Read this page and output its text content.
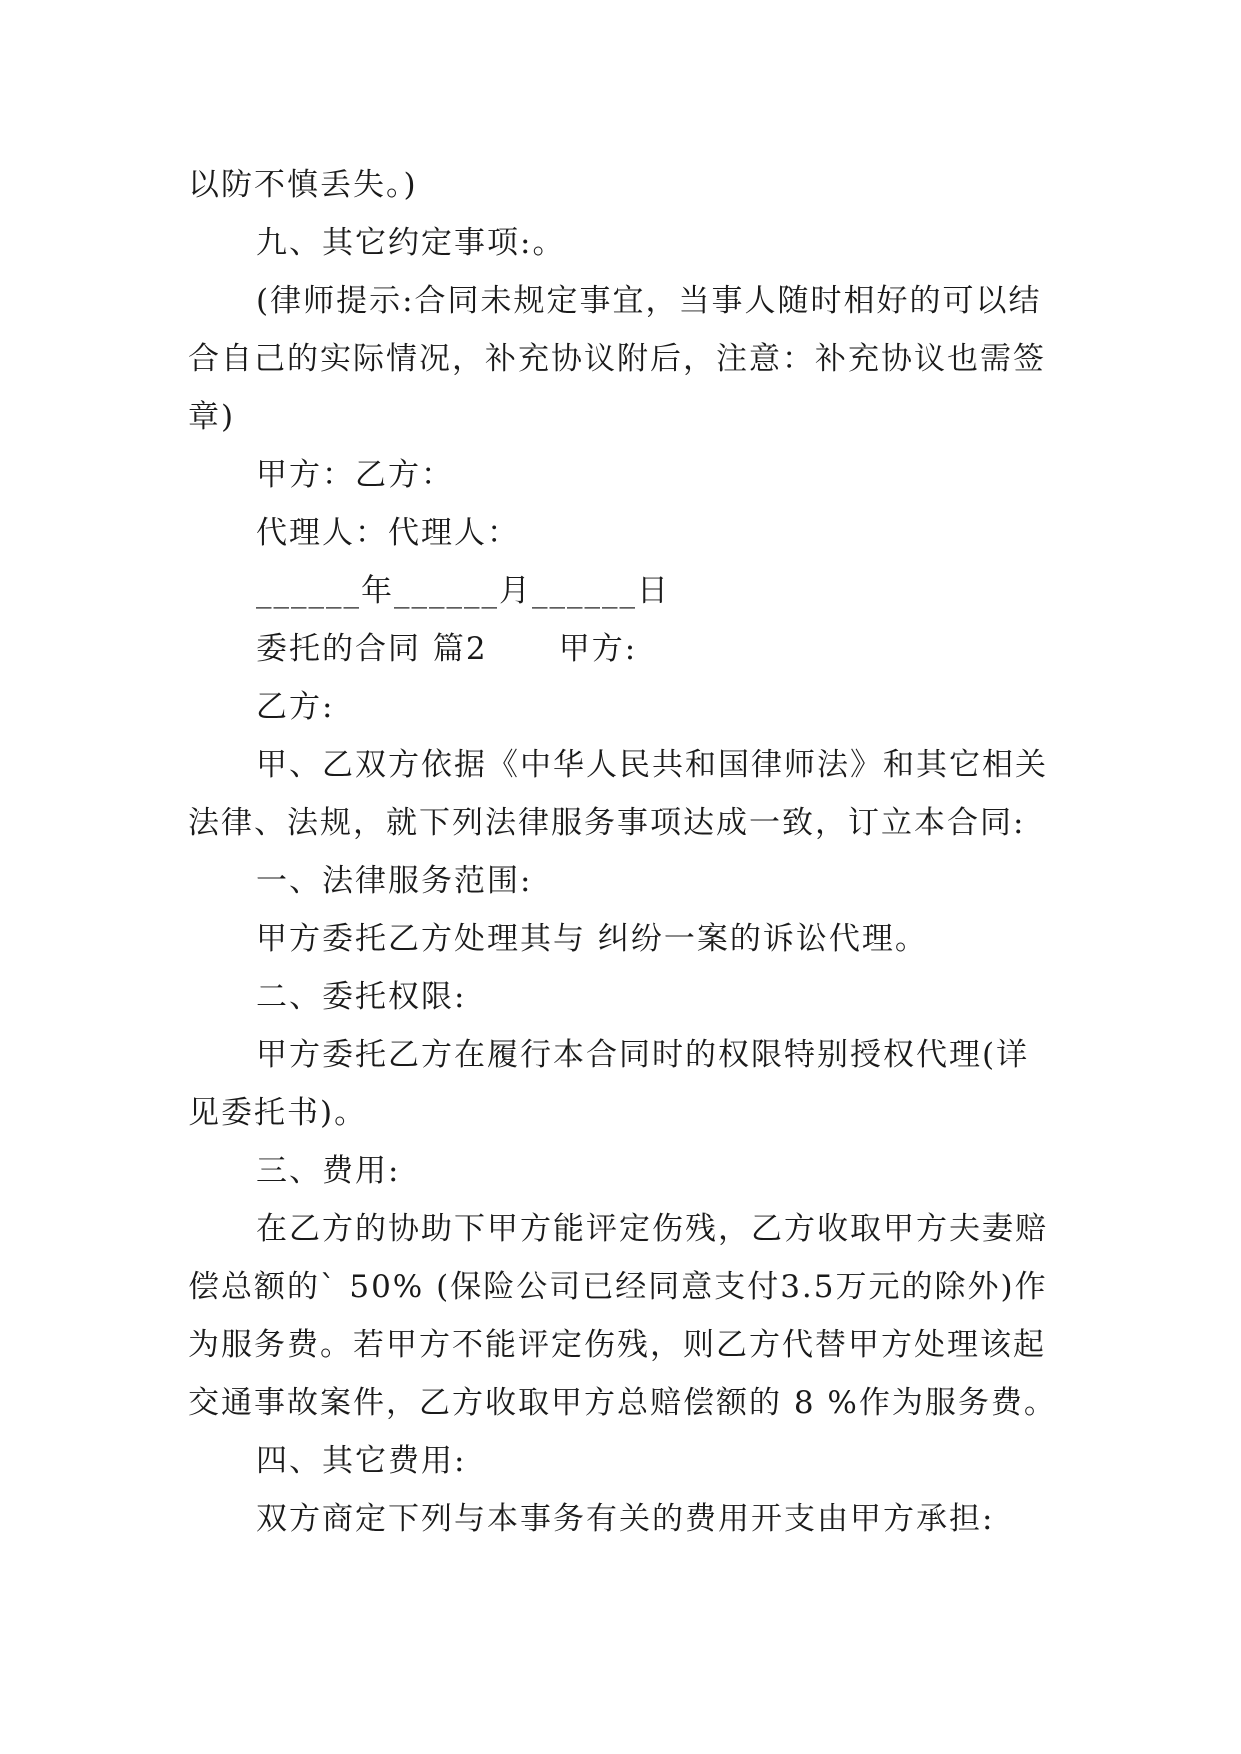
以防不慎丢失。)
九、其它约定事项:。
(律师提示:合同未规定事宜，当事人随时相好的可以结
合自己的实际情况，补充协议附后，注意：补充协议也需签
章)
甲方：乙方：
代理人：代理人：
______年______月______日
委托的合同 篇2      甲方:
乙方:
甲、乙双方依据《中华人民共和国律师法》和其它相关
法律、法规，就下列法律服务事项达成一致，订立本合同:
一、法律服务范围:
甲方委托乙方处理其与 纠纷一案的诉讼代理。
二、委托权限:
甲方委托乙方在履行本合同时的权限特别授权代理(详
见委托书)。
三、费用:
在乙方的协助下甲方能评定伤残，乙方收取甲方夫妻赔
偿总额的` 50% (保险公司已经同意支付3.5万元的除外)作
为服务费。若甲方不能评定伤残，则乙方代替甲方处理该起
交通事故案件，乙方收取甲方总赔偿额的 8 %作为服务费。
四、其它费用:
双方商定下列与本事务有关的费用开支由甲方承担:
